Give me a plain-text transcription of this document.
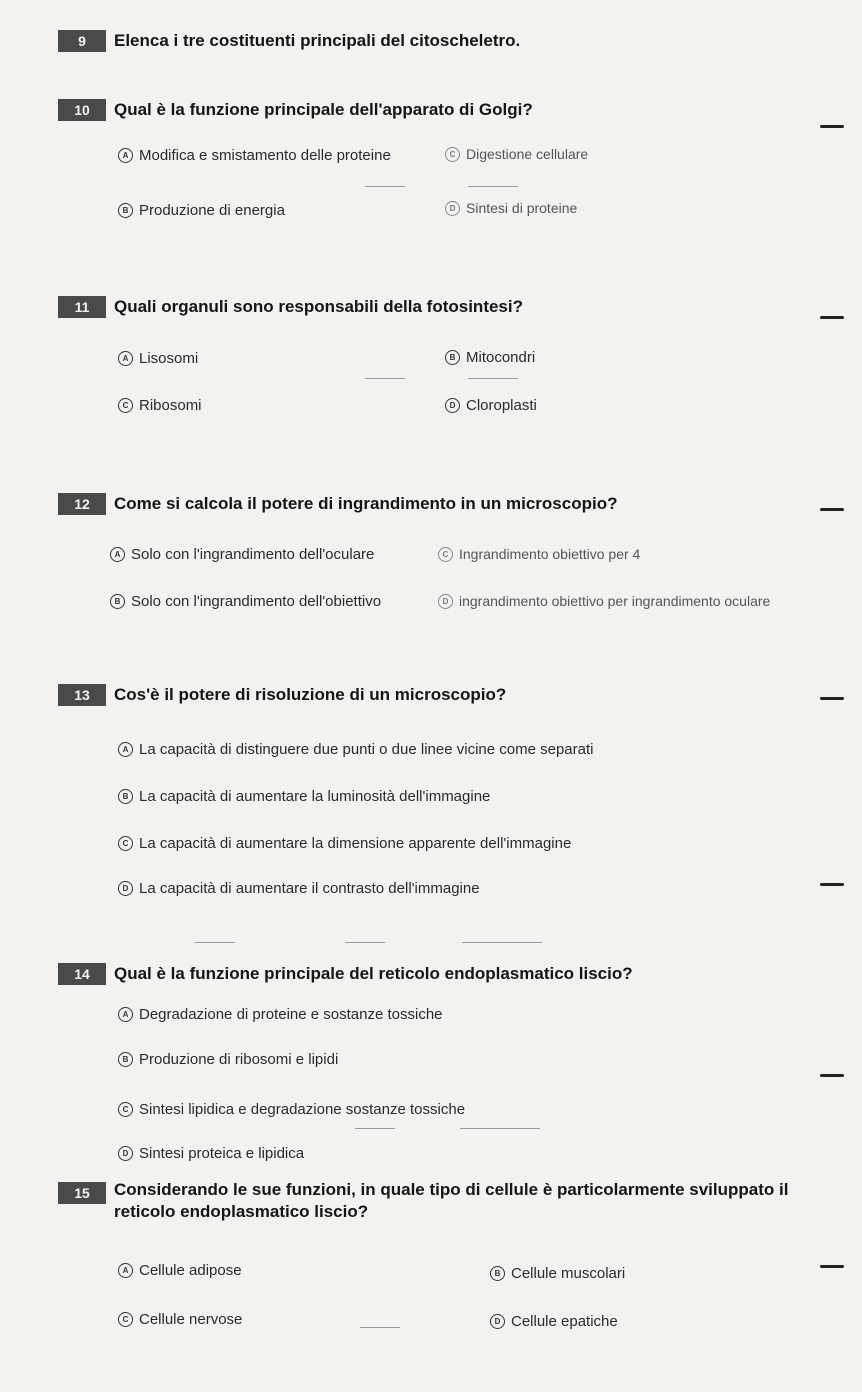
9	Elenca i tre costituenti principali del citoscheletro.
10	Qual è la funzione principale dell'apparato di Golgi?
A Modifica e smistamento delle proteine	C Digestione cellulare
B Produzione di energia	D Sintesi di proteine
11	Quali organuli sono responsabili della fotosintesi?
A Lisosomi	B Mitocondri
C Ribosomi	D Cloroplasti
12	Come si calcola il potere di ingrandimento in un microscopio?
A Solo con l'ingrandimento dell'oculare	C Ingrandimento obiettivo per 4
B Solo con l'ingrandimento dell'obiettivo	D ingrandimento obiettivo per ingrandimento oculare
13	Cos'è il potere di risoluzione di un microscopio?
A La capacità di distinguere due punti o due linee vicine come separati
B La capacità di aumentare la luminosità dell'immagine
C La capacità di aumentare la dimensione apparente dell'immagine
D La capacità di aumentare il contrasto dell'immagine
14	Qual è la funzione principale del reticolo endoplasmatico liscio?
A Degradazione di proteine e sostanze tossiche
B Produzione di ribosomi e lipidi
C Sintesi lipidica e degradazione sostanze tossiche
D Sintesi proteica e lipidica
15	Considerando le sue funzioni, in quale tipo di cellule è particolarmente sviluppato il reticolo endoplasmatico liscio?
A Cellule adipose	B Cellule muscolari
C Cellule nervose	D Cellule epatiche
